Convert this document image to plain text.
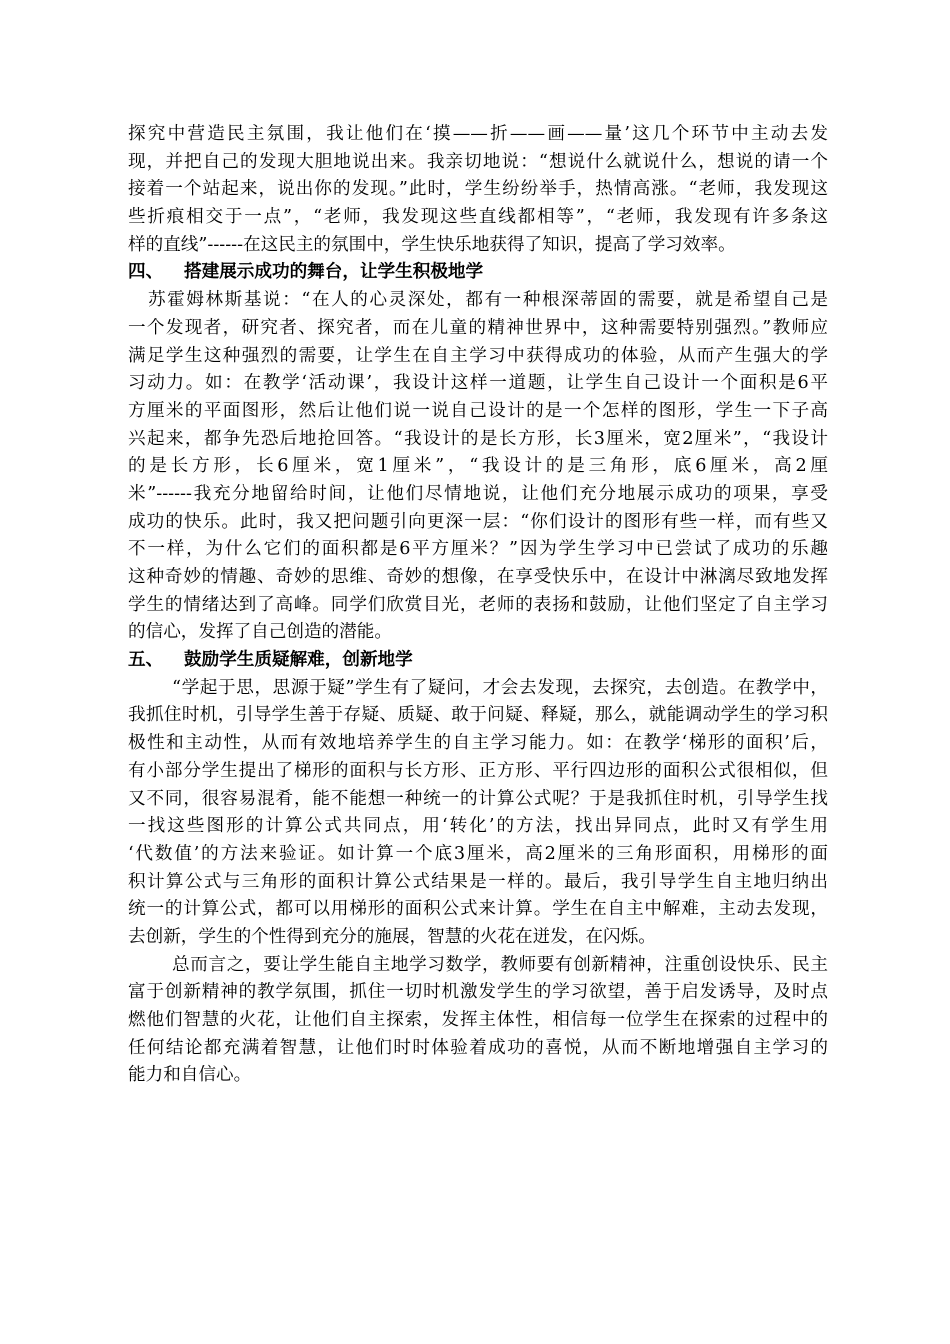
探究中营造民主氛围，我让他们在‘摸——折——画——量’这几个环节中主动去发
现，并把自己的发现大胆地说出来。我亲切地说：“想说什么就说什么，想说的请一个
接着一个站起来，说出你的发现。”此时，学生纷纷举手，热情高涨。“老师，我发现这
些折痕相交于一点”，“老师，我发现这些直线都相等”，“老师，我发现有许多条这
样的直线”------在这民主的氛围中，学生快乐地获得了知识，提高了学习效率。
四、 搭建展示成功的舞台，让学生积极地学
苏霍姆林斯基说：“在人的心灵深处，都有一种根深蒂固的需要，就是希望自己是
一个发现者，研究者、探究者，而在儿童的精神世界中，这种需要特别强烈。”教师应
满足学生这种强烈的需要，让学生在自主学习中获得成功的体验，从而产生强大的学
习动力。如：在教学‘活动课’，我设计这样一道题，让学生自己设计一个面积是6平
方厘米的平面图形，然后让他们说一说自己设计的是一个怎样的图形，学生一下子高
兴起来，都争先恐后地抢回答。“我设计的是长方形，长3厘米，宽2厘米”，“我设计
的是长方形，长6厘米，宽1厘米”，“我设计的是三角形，底6厘米，高2厘
米”------我充分地留给时间，让他们尽情地说，让他们充分地展示成功的项果，享受
成功的快乐。此时，我又把问题引向更深一层：“你们设计的图形有些一样，而有些又
不一样，为什么它们的面积都是6平方厘米？”因为学生学习中已尝试了成功的乐趣
这种奇妙的情趣、奇妙的思维、奇妙的想像，在享受快乐中，在设计中淋漓尽致地发挥
学生的情绪达到了高峰。同学们欣赏目光，老师的表扬和鼓励，让他们坚定了自主学习
的信心，发挥了自己创造的潜能。
五、 鼓励学生质疑解难，创新地学
“学起于思，思源于疑”学生有了疑问，才会去发现，去探究，去创造。在教学中，
我抓住时机，引导学生善于存疑、质疑、敢于问疑、释疑，那么，就能调动学生的学习积
极性和主动性，从而有效地培养学生的自主学习能力。如：在教学‘梯形的面积’后，
有小部分学生提出了梯形的面积与长方形、正方形、平行四边形的面积公式很相似，但
又不同，很容易混肴，能不能想一种统一的计算公式呢？于是我抓住时机，引导学生找
一找这些图形的计算公式共同点，用‘转化’的方法，找出异同点，此时又有学生用
‘代数值’的方法来验证。如计算一个底3厘米，高2厘米的三角形面积，用梯形的面
积计算公式与三角形的面积计算公式结果是一样的。最后，我引导学生自主地归纳出
统一的计算公式，都可以用梯形的面积公式来计算。学生在自主中解难，主动去发现，
去创新，学生的个性得到充分的施展，智慧的火花在迸发，在闪烁。
总而言之，要让学生能自主地学习数学，教师要有创新精神，注重创设快乐、民主
富于创新精神的教学氛围，抓住一切时机激发学生的学习欲望，善于启发诱导，及时点
燃他们智慧的火花，让他们自主探索，发挥主体性，相信每一位学生在探索的过程中的
任何结论都充满着智慧，让他们时时体验着成功的喜悦，从而不断地增强自主学习的
能力和自信心。
